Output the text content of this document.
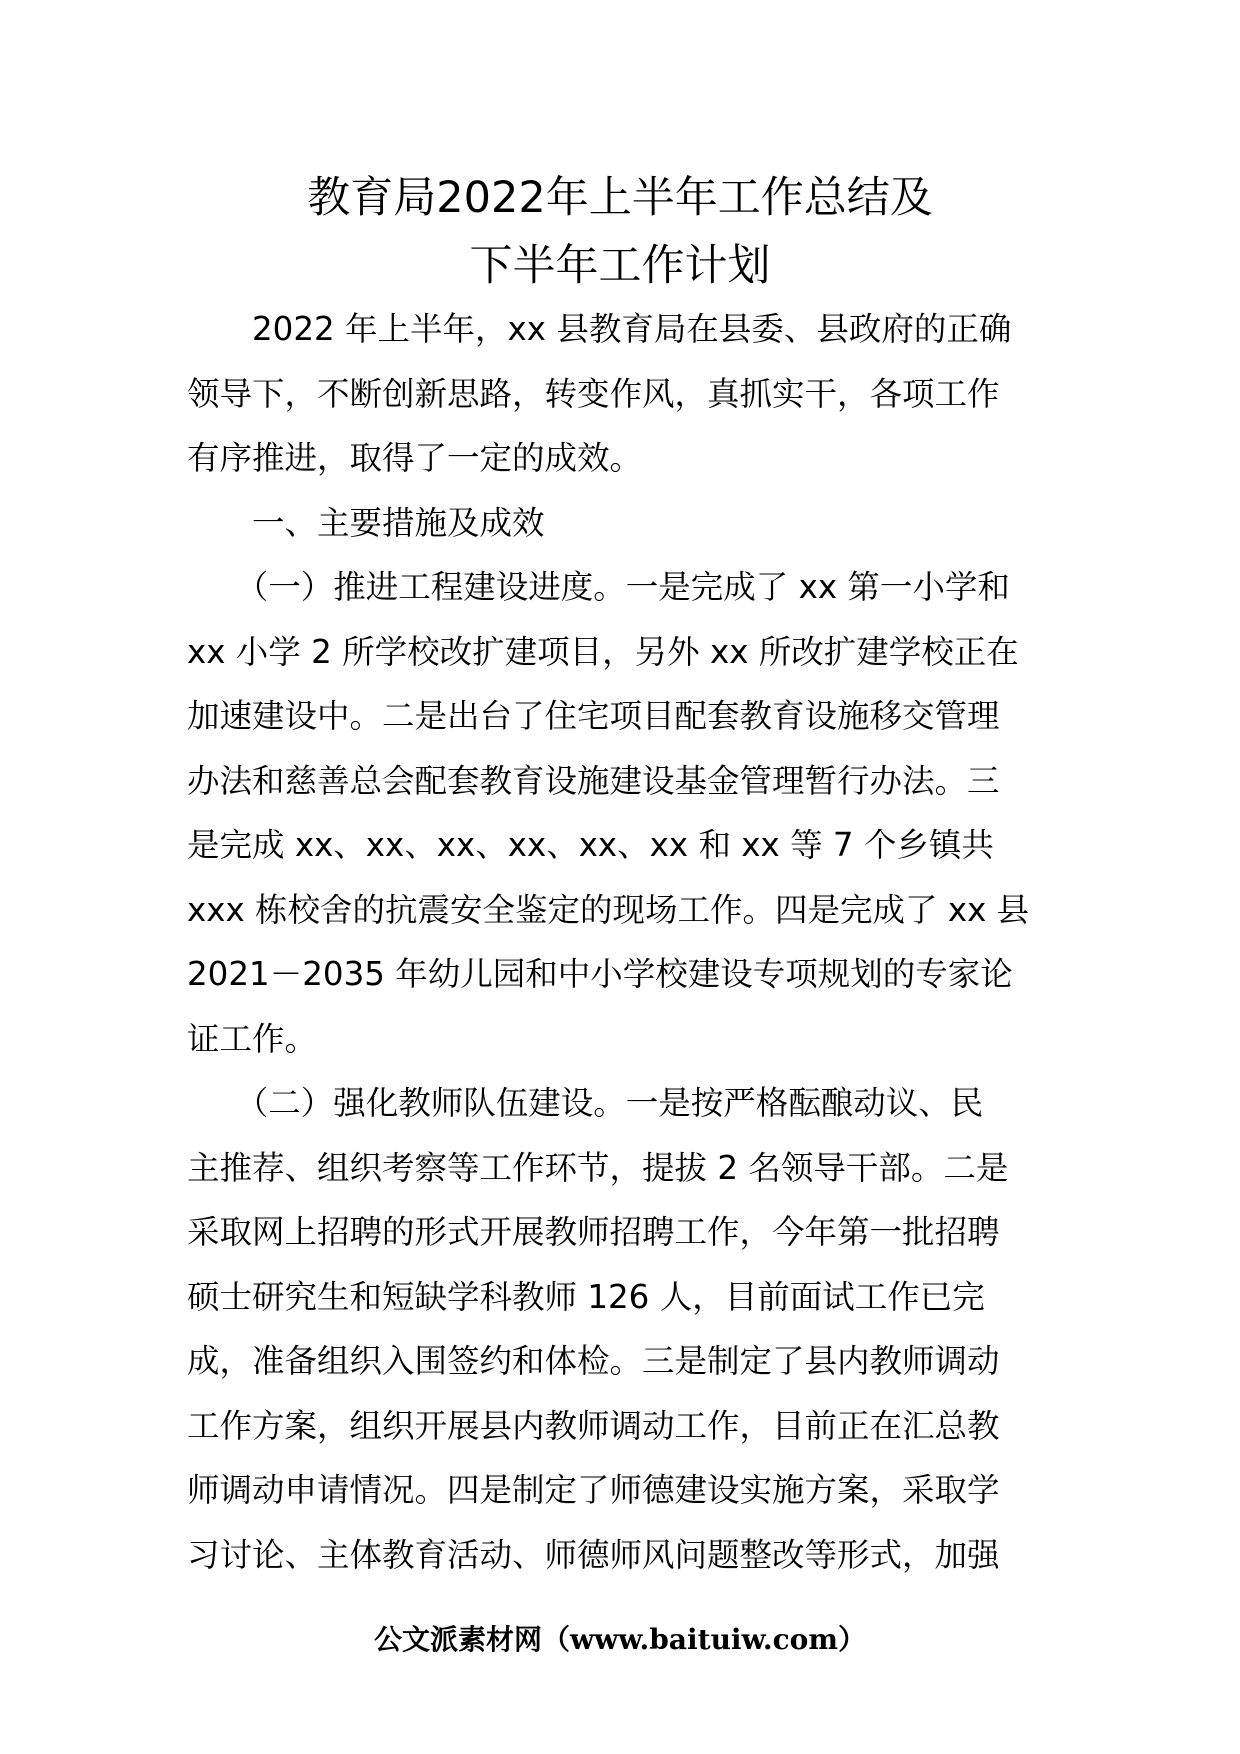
教育局2022年上半年工作总结及
下半年工作计划
　　2022 年上半年，xx 县教育局在县委、县政府的正确
领导下，不断创新思路，转变作风，真抓实干，各项工作
有序推进，取得了一定的成效。
　　一、主要措施及成效
　　（一）推进工程建设进度。一是完成了 xx 第一小学和
xx 小学 2 所学校改扩建项目，另外 xx 所改扩建学校正在
加速建设中。二是出台了住宅项目配套教育设施移交管理
办法和慈善总会配套教育设施建设基金管理暂行办法。三
是完成 xx、xx、xx、xx、xx、xx 和 xx 等 7 个乡镇共
xxx 栋校舍的抗震安全鉴定的现场工作。四是完成了 xx 县
2021－2035 年幼儿园和中小学校建设专项规划的专家论
证工作。
　　（二）强化教师队伍建设。一是按严格酝酿动议、民
主推荐、组织考察等工作环节，提拔 2 名领导干部。二是
采取网上招聘的形式开展教师招聘工作，今年第一批招聘
硕士研究生和短缺学科教师 126 人，目前面试工作已完
成，准备组织入围签约和体检。三是制定了县内教师调动
工作方案，组织开展县内教师调动工作，目前正在汇总教
师调动申请情况。四是制定了师德建设实施方案，采取学
习讨论、主体教育活动、师德师风问题整改等形式，加强
公文派素材网（www.baituiw.com）
